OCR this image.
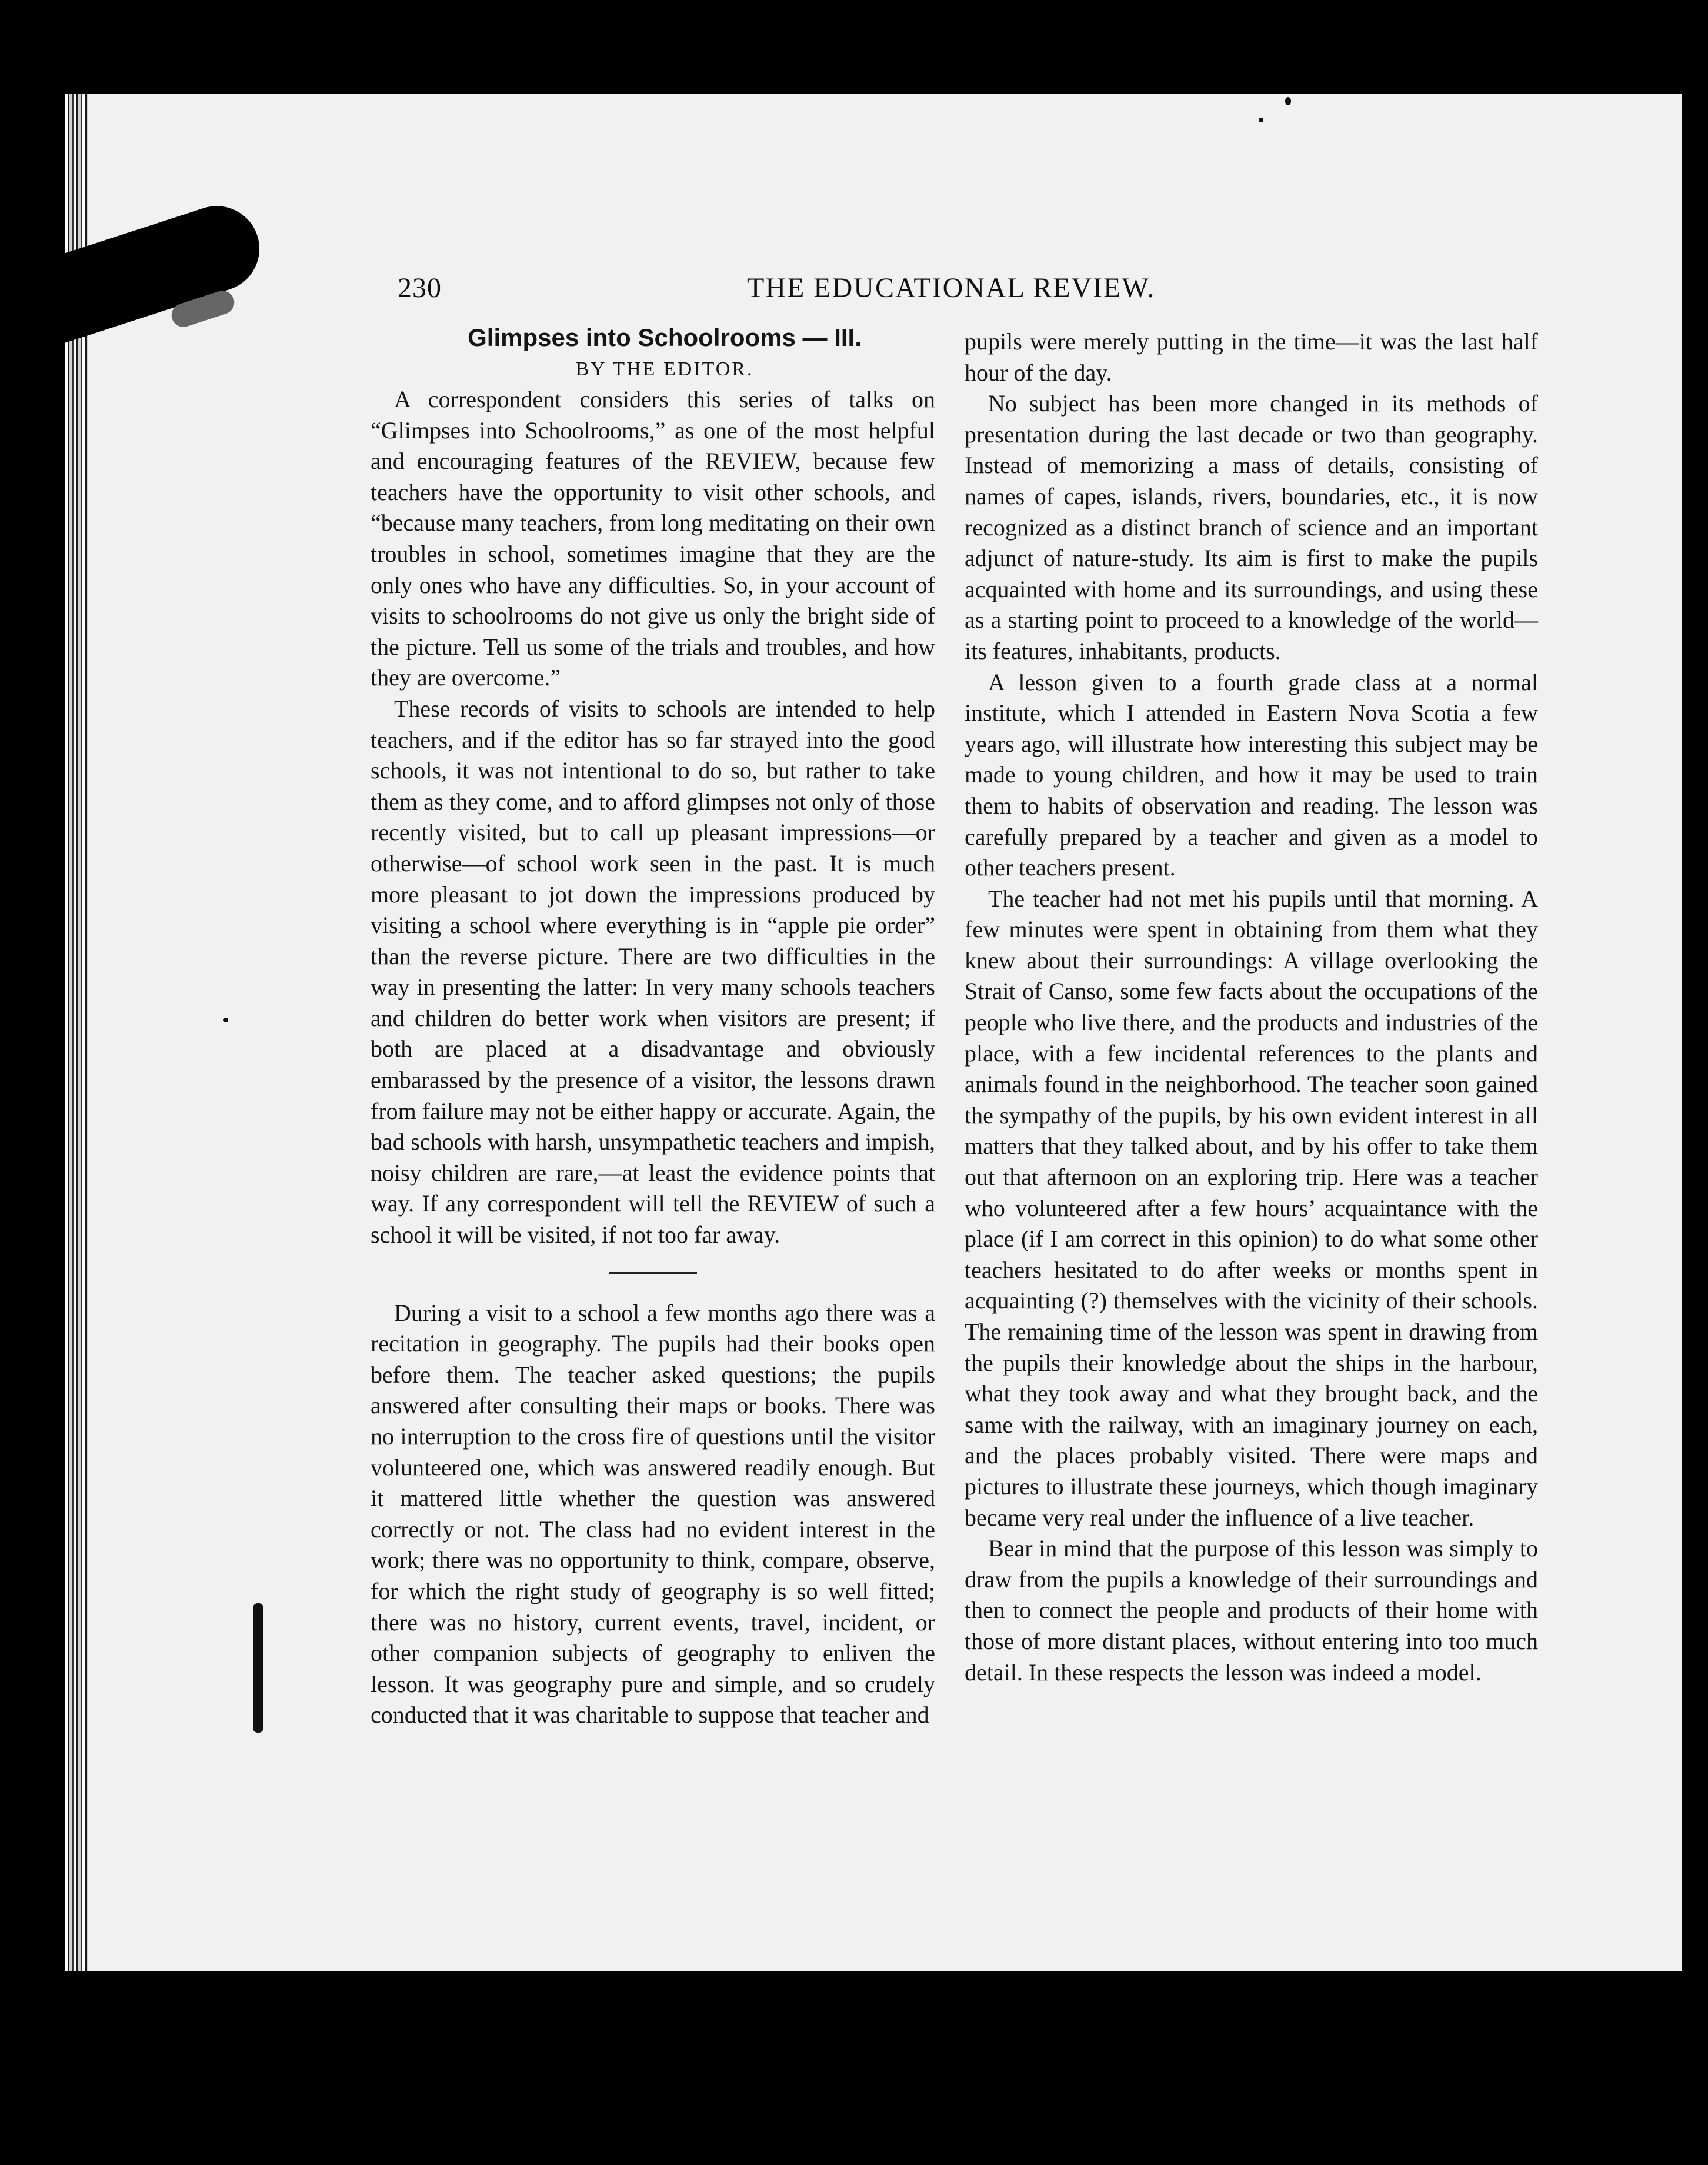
230	THE EDUCATIONAL REVIEW.

Glimpses into Schoolrooms — III.

BY THE EDITOR.

A correspondent considers this series of talks on “Glimpses into Schoolrooms,” as one of the most helpful and encouraging features of the REVIEW, because few teachers have the opportunity to visit other schools, and “because many teachers, from long meditating on their own troubles in school, sometimes imagine that they are the only ones who have any difficulties. So, in your account of visits to schoolrooms do not give us only the bright side of the picture. Tell us some of the trials and troubles, and how they are overcome.”

These records of visits to schools are intended to help teachers, and if the editor has so far strayed into the good schools, it was not intentional to do so, but rather to take them as they come, and to afford glimpses not only of those recently visited, but to call up pleasant impressions—or otherwise—of school work seen in the past. It is much more pleasant to jot down the impressions produced by visiting a school where everything is in “apple pie order” than the reverse picture. There are two difficulties in the way in presenting the latter: In very many schools teachers and children do better work when visitors are present; if both are placed at a disadvantage and obviously embarassed by the presence of a visitor, the lessons drawn from failure may not be either happy or accurate. Again, the bad schools with harsh, unsympathetic teachers and impish, noisy children are rare,—at least the evidence points that way. If any correspondent will tell the REVIEW of such a school it will be visited, if not too far away.

During a visit to a school a few months ago there was a recitation in geography. The pupils had their books open before them. The teacher asked questions; the pupils answered after consulting their maps or books. There was no interruption to the cross fire of questions until the visitor volunteered one, which was answered readily enough. But it mattered little whether the question was answered correctly or not. The class had no evident interest in the work; there was no opportunity to think, compare, observe, for which the right study of geography is so well fitted; there was no history, current events, travel, incident, or other companion subjects of geography to enliven the lesson. It was geography pure and simple, and so crudely conducted that it was charitable to suppose that teacher and

pupils were merely putting in the time—it was the last half hour of the day.

No subject has been more changed in its methods of presentation during the last decade or two than geography. Instead of memorizing a mass of details, consisting of names of capes, islands, rivers, boundaries, etc., it is now recognized as a distinct branch of science and an important adjunct of nature-study. Its aim is first to make the pupils acquainted with home and its surroundings, and using these as a starting point to proceed to a knowledge of the world—its features, inhabitants, products.

A lesson given to a fourth grade class at a normal institute, which I attended in Eastern Nova Scotia a few years ago, will illustrate how interesting this subject may be made to young children, and how it may be used to train them to habits of observation and reading. The lesson was carefully prepared by a teacher and given as a model to other teachers present.

The teacher had not met his pupils until that morning. A few minutes were spent in obtaining from them what they knew about their surroundings: A village overlooking the Strait of Canso, some few facts about the occupations of the people who live there, and the products and industries of the place, with a few incidental references to the plants and animals found in the neighborhood. The teacher soon gained the sympathy of the pupils, by his own evident interest in all matters that they talked about, and by his offer to take them out that afternoon on an exploring trip. Here was a teacher who volunteered after a few hours’ acquaintance with the place (if I am correct in this opinion) to do what some other teachers hesitated to do after weeks or months spent in acquainting (?) themselves with the vicinity of their schools. The remaining time of the lesson was spent in drawing from the pupils their knowledge about the ships in the harbour, what they took away and what they brought back, and the same with the railway, with an imaginary journey on each, and the places probably visited. There were maps and pictures to illustrate these journeys, which though imaginary became very real under the influence of a live teacher.

Bear in mind that the purpose of this lesson was simply to draw from the pupils a knowledge of their surroundings and then to connect the people and products of their home with those of more distant places, without entering into too much detail. In these respects the lesson was indeed a model.
